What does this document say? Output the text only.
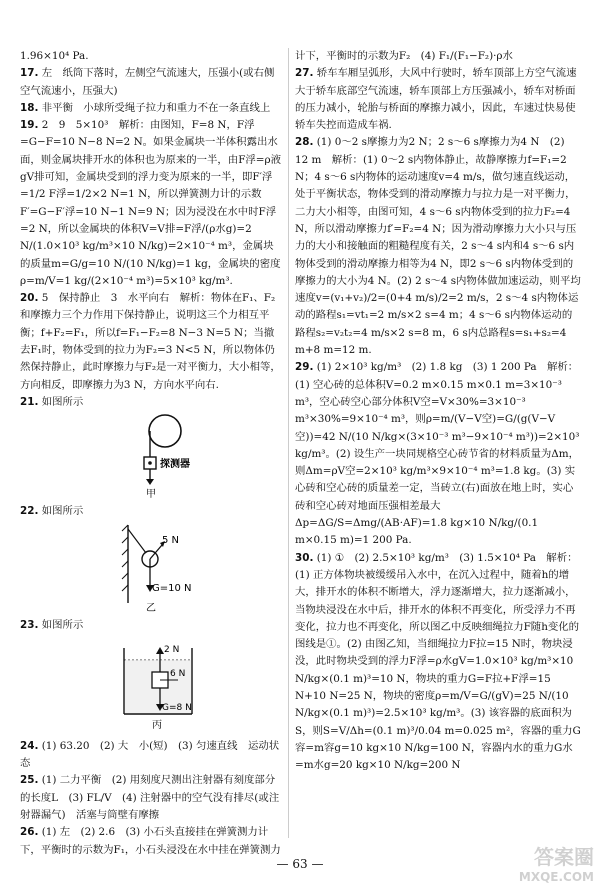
1.96×10⁴ Pa.

17. 左　纸筒下落时，左侧空气流速大，压强小(或右侧空气流速小，压强大)

18. 非平衡　小球所受绳子拉力和重力不在一条直线上

19. 2　9　5×10³　解析：由图知，F=8 N，F浮=G−F=10 N−8 N=2 N。如果金属块一半体积露出水面，则金属块排开水的体积也为原来的一半，由F浮=ρ液gV排可知，金属块受到的浮力变为原来的一半，即F′浮=1/2 F浮=1/2×2 N=1 N，所以弹簧测力计的示数F′=G−F′浮=10 N−1 N=9 N；因为浸没在水中时F浮=2 N，所以金属块的体积V=V排=F浮/(ρ水g)=2 N/(1.0×10³ kg/m³×10 N/kg)=2×10⁻⁴ m³，金属块的质量m=G/g=10 N/(10 N/kg)=1 kg，金属块的密度ρ=m/V=1 kg/(2×10⁻⁴ m³)=5×10³ kg/m³.

20. 5　保持静止　3　水平向右　解析：物体在F₁、F₂和摩擦力三个力作用下保持静止，说明这三个力相互平衡；f+F₂=F₁，所以f=F₁−F₂=8 N−3 N=5 N；当撤去F₁时，物体受到的拉力为F₂=3 N<5 N，所以物体仍然保持静止，此时摩擦力与F₂是一对平衡力，大小相等，方向相反，即摩擦力为3 N，方向水平向右.

21. 如图所示

探测器
甲

22. 如图所示

5 N
G=10 N
乙

23. 如图所示

2 N
6 N
G=8 N
丙

24. (1) 63.20　(2) 大　小(短)　(3) 匀速直线　运动状态

25. (1) 二力平衡　(2) 用刻度尺测出注射器有刻度部分的长度L　(3) FL/V　(4) 注射器中的空气没有排尽(或注射器漏气)　活塞与筒壁有摩擦

26. (1) 左　(2) 2.6　(3) 小石头直接挂在弹簧测力计下，平衡时的示数为F₁，小石头浸没在水中挂在弹簧测力

计下，平衡时的示数为F₂　(4) F₁/(F₁−F₂)·ρ水

27. 轿车车厢呈弧形，大风中行驶时，轿车顶部上方空气流速大于轿车底部空气流速，轿车顶部上方压强减小，轿车对桥面的压力减小，轮胎与桥面的摩擦力减小，因此，车速过快易使轿车失控而造成车祸.

28. (1) 0～2 s摩擦力为2 N；2 s～6 s摩擦力为4 N　(2) 12 m　解析：(1) 0～2 s内物体静止，故静摩擦力f=F₁=2 N；4 s～6 s内物体的运动速度v=4 m/s，做匀速直线运动，处于平衡状态，物体受到的滑动摩擦力与拉力是一对平衡力，二力大小相等，由图可知，4 s～6 s内物体受到的拉力F₂=4 N，所以滑动摩擦力f′=F₂=4 N；因为滑动摩擦力大小只与压力的大小和接触面的粗糙程度有关，2 s～4 s内和4 s～6 s内物体受到的滑动摩擦力相等为4 N，即2 s～6 s内物体受到的摩擦力的大小为4 N。(2) 2 s～4 s内物体做加速运动，则平均速度v=(v₁+v₂)/2=(0+4 m/s)/2=2 m/s，2 s～4 s内物体运动的路程s₁=vt₁=2 m/s×2 s=4 m；4 s～6 s内物体运动的路程s₂=v₂t₂=4 m/s×2 s=8 m，6 s内总路程s=s₁+s₂=4 m+8 m=12 m.

29. (1) 2×10³ kg/m³　(2) 1.8 kg　(3) 1 200 Pa　解析：(1) 空心砖的总体积V=0.2 m×0.15 m×0.1 m=3×10⁻³ m³，空心砖空心部分体积V空=V×30%=3×10⁻³ m³×30%=9×10⁻⁴ m³，则ρ=m/(V−V空)=G/(g(V−V空))=42 N/(10 N/kg×(3×10⁻³ m³−9×10⁻⁴ m³))=2×10³ kg/m³。(2) 设生产一块同规格空心砖节省的材料质量为Δm，则Δm=ρV空=2×10³ kg/m³×9×10⁻⁴ m³=1.8 kg。(3) 实心砖和空心砖的质量差一定，当砖立(右)面放在地上时，实心砖和空心砖对地面压强相差最大Δp=ΔG/S=Δmg/(AB·AF)=1.8 kg×10 N/kg/(0.1 m×0.15 m)=1 200 Pa.

30. (1) ①　(2) 2.5×10³ kg/m³　(3) 1.5×10⁴ Pa　解析：(1) 正方体物块被缓缓吊入水中，在沉入过程中，随着h的增大，排开水的体积不断增大，浮力逐渐增大，拉力逐渐减小，当物块浸没在水中后，排开水的体积不再变化，所受浮力不再变化，拉力也不再变化，所以图乙中反映细绳拉力F随h变化的图线是①。(2) 由图乙知，当细绳拉力F拉=15 N时，物块浸没，此时物块受到的浮力F浮=ρ水gV=1.0×10³ kg/m³×10 N/kg×(0.1 m)³=10 N，物块的重力G=F拉+F浮=15 N+10 N=25 N，物块的密度ρ=m/V=G/(gV)=25 N/(10 N/kg×(0.1 m)³)=2.5×10³ kg/m³。(3) 该容器的底面积为S，则S=V/Δh=(0.1 m)³/0.04 m=0.025 m²，容器的重力G容=m容g=10 kg×10 N/kg=100 N，容器内水的重力G水=m水g=20 kg×10 N/kg=200 N

— 63 —	答案圈
MXQE.COM
